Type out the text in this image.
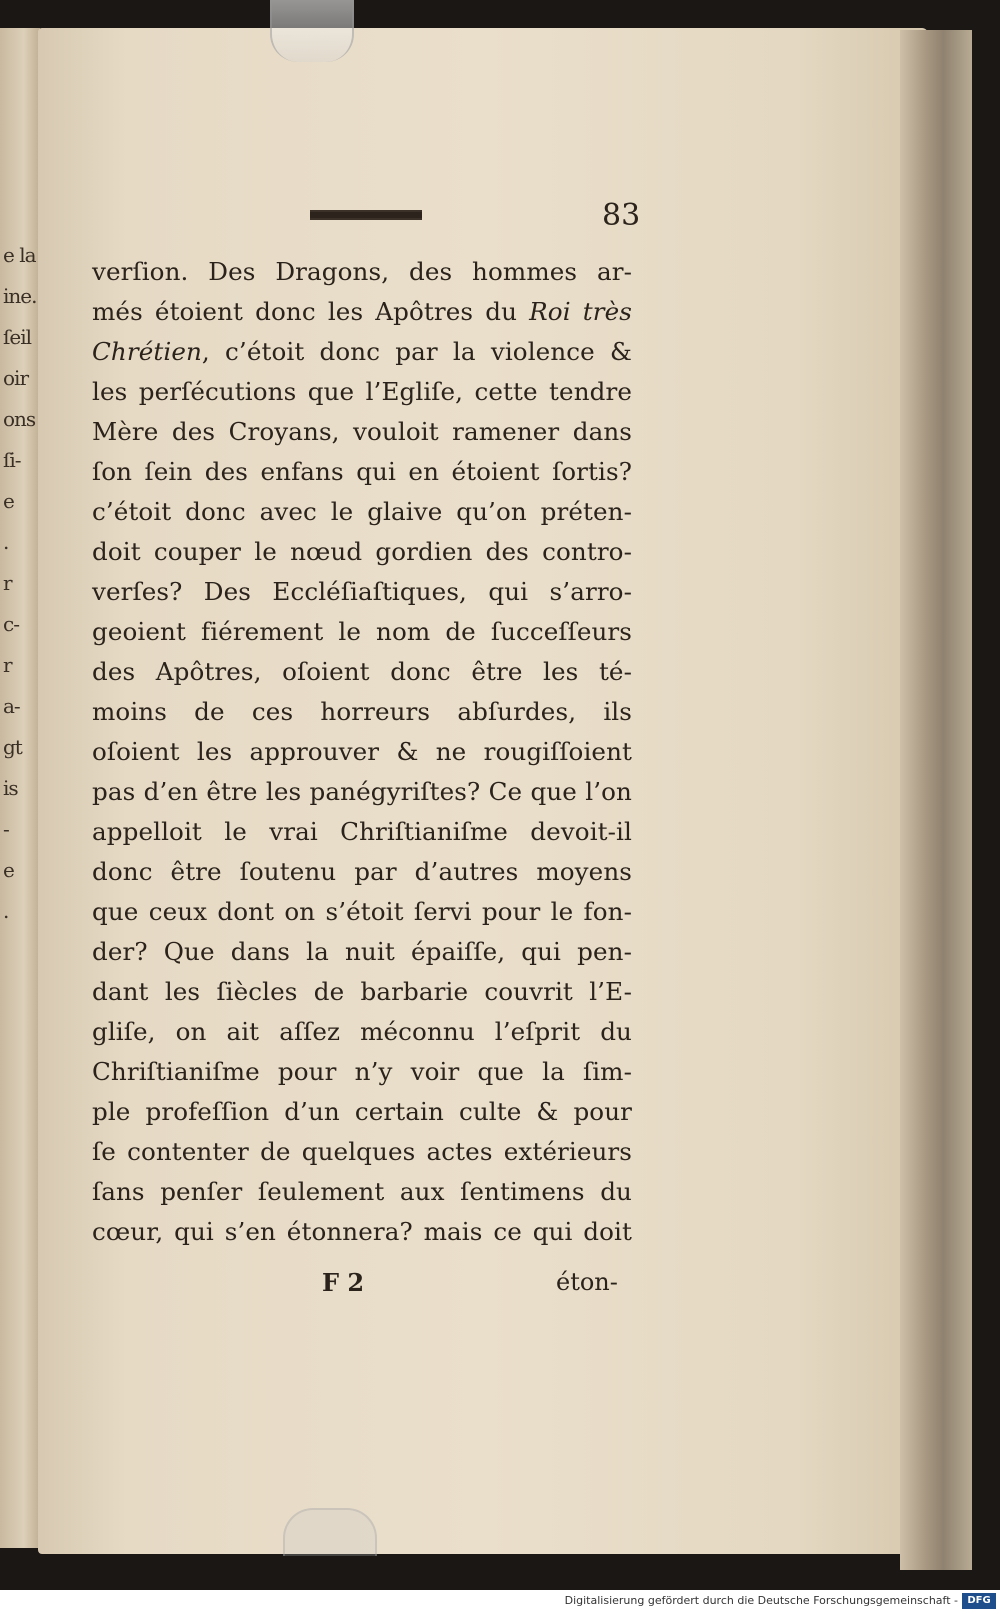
e la
ine.
ſeil
oir
ons
ſi-
e
.
r
c-
r
a-
gt
is
-
e
.
83
verſion. Des Dragons, des hommes ar-
més étoient donc les Apôtres du Roi très
Chrétien, c’étoit donc par la violence &
les perſécutions que l’Egliſe, cette tendre
Mère des Croyans, vouloit ramener dans
ſon ſein des enfans qui en étoient ſortis?
c’étoit donc avec le glaive qu’on préten-
doit couper le nœud gordien des contro-
verſes? Des Eccléſiaſtiques, qui s’arro-
geoient fiérement le nom de ſucceſſeurs
des Apôtres, oſoient donc être les té-
moins de ces horreurs abſurdes, ils
oſoient les approuver & ne rougiſſoient
pas d’en être les panégyriſtes? Ce que l’on
appelloit le vrai Chriſtianiſme devoit-il
donc être ſoutenu par d’autres moyens
que ceux dont on s’étoit ſervi pour le fon-
der? Que dans la nuit épaiſſe, qui pen-
dant les ſiècles de barbarie couvrit l’E-
gliſe, on ait aſſez méconnu l’eſprit du
Chriſtianiſme pour n’y voir que la ſim-
ple profeſſion d’un certain culte & pour
ſe contenter de quelques actes extérieurs
ſans penſer ſeulement aux ſentimens du
cœur, qui s’en étonnera? mais ce qui doit
F 2	éton-
Digitalisierung gefördert durch die Deutsche Forschungsgemeinschaft - DFG
